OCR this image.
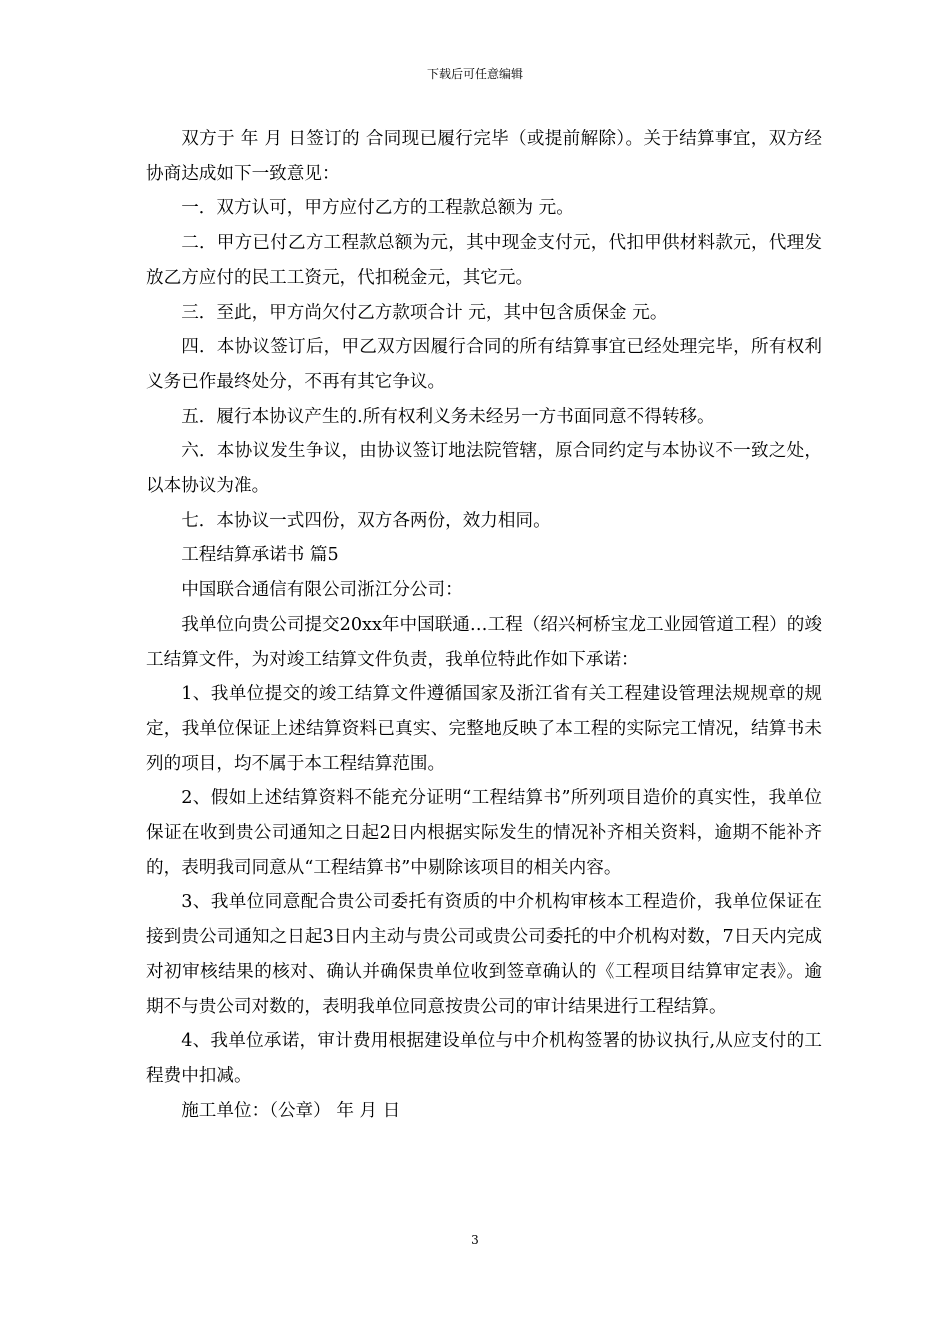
下载后可任意编辑

双方于 年 月 日签订的 合同现已履行完毕（或提前解除）。关于结算事宜，双方经协商达成如下一致意见：

一．双方认可，甲方应付乙方的工程款总额为 元。

二．甲方已付乙方工程款总额为元，其中现金支付元，代扣甲供材料款元，代理发放乙方应付的民工工资元，代扣税金元，其它元。

三．至此，甲方尚欠付乙方款项合计 元，其中包含质保金 元。

四．本协议签订后，甲乙双方因履行合同的所有结算事宜已经处理完毕，所有权利义务已作最终处分，不再有其它争议。

五．履行本协议产生的.所有权利义务未经另一方书面同意不得转移。

六．本协议发生争议，由协议签订地法院管辖，原合同约定与本协议不一致之处，以本协议为准。

七．本协议一式四份，双方各两份，效力相同。

工程结算承诺书 篇5

中国联合通信有限公司浙江分公司：

我单位向贵公司提交20xx年中国联通…工程（绍兴柯桥宝龙工业园管道工程）的竣工结算文件，为对竣工结算文件负责，我单位特此作如下承诺：

1、我单位提交的竣工结算文件遵循国家及浙江省有关工程建设管理法规规章的规定，我单位保证上述结算资料已真实、完整地反映了本工程的实际完工情况，结算书未列的项目，均不属于本工程结算范围。

2、假如上述结算资料不能充分证明“工程结算书”所列项目造价的真实性，我单位保证在收到贵公司通知之日起2日内根据实际发生的情况补齐相关资料，逾期不能补齐的，表明我司同意从“工程结算书”中剔除该项目的相关内容。

3、我单位同意配合贵公司委托有资质的中介机构审核本工程造价，我单位保证在接到贵公司通知之日起3日内主动与贵公司或贵公司委托的中介机构对数，7日天内完成对初审核结果的核对、确认并确保贵单位收到签章确认的《工程项目结算审定表》。逾期不与贵公司对数的，表明我单位同意按贵公司的审计结果进行工程结算。

4、我单位承诺，审计费用根据建设单位与中介机构签署的协议执行,从应支付的工程费中扣减。

施工单位：（公章） 年 月 日

3
